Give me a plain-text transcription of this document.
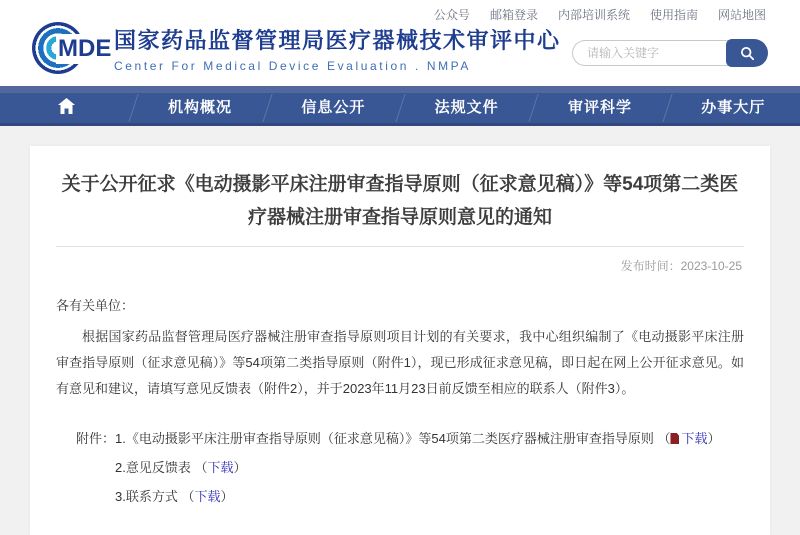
公众号 邮箱登录 内部培训系统 使用指南 网站地图
MDE 国家药品监督管理局医疗器械技术审评中心
Center For Medical Device Evaluation . NMPA
请输入关键字
机构概况	信息公开	法规文件	审评科学	办事大厅
关于公开征求《电动摄影平床注册审查指导原则（征求意见稿）》等54项第二类医疗器械注册审查指导原则意见的通知
发布时间：2023-10-25

各有关单位：

根据国家药品监督管理局医疗器械注册审查指导原则项目计划的有关要求，我中心组织编制了《电动摄影平床注册审查指导原则（征求意见稿）》等54项第二类指导原则（附件1），现已形成征求意见稿，即日起在网上公开征求意见。如有意见和建议，请填写意见反馈表（附件2），并于2023年11月23日前反馈至相应的联系人（附件3）。

附件： 1.《电动摄影平床注册审查指导原则（征求意见稿）》等54项第二类医疗器械注册审查指导原则 （ 下载）
2.意见反馈表 （下载）
3.联系方式 （下载）
